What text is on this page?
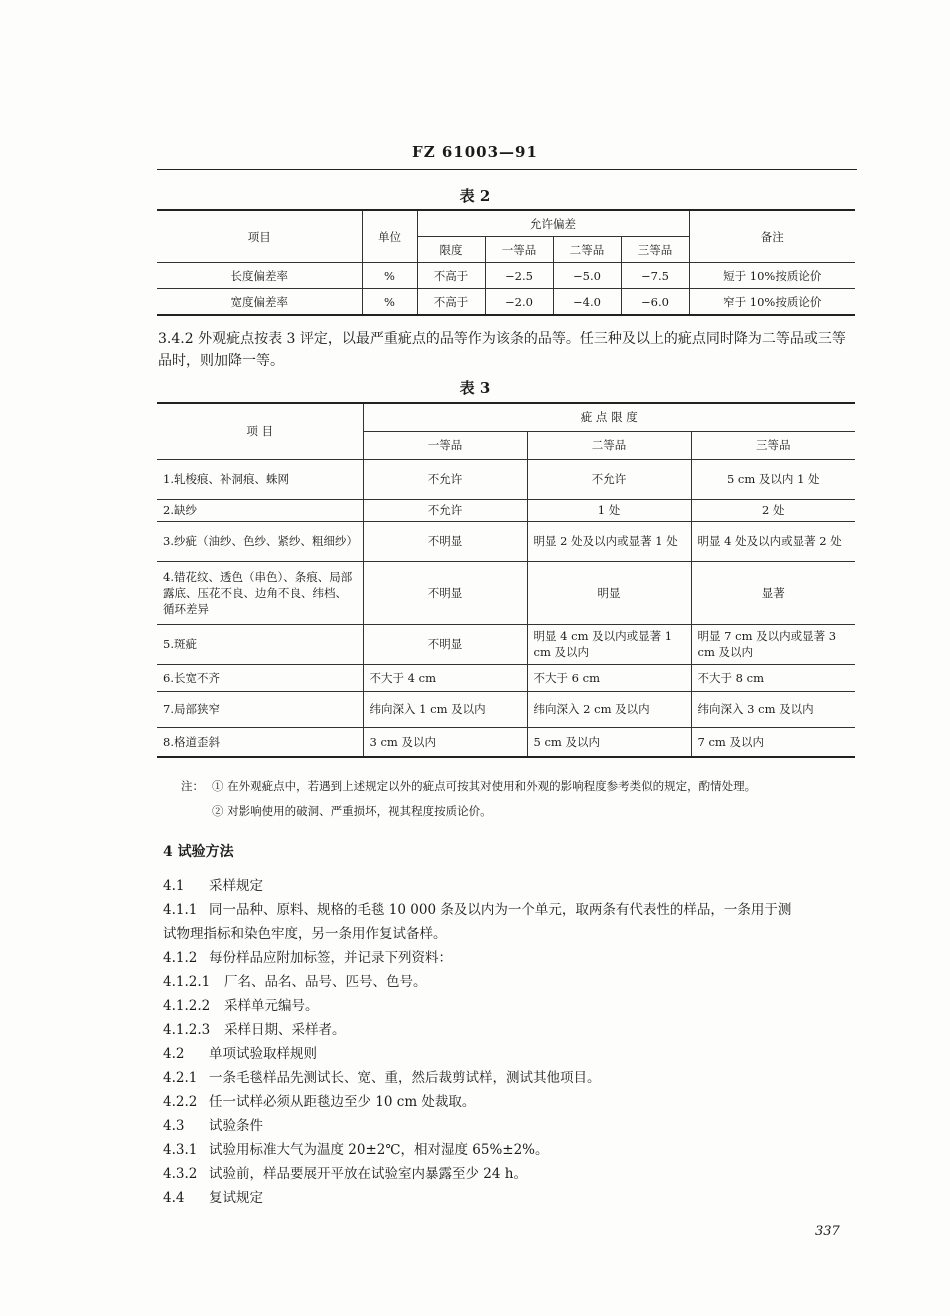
FZ 61003—91
表 2
项目	单位	允许偏差				备注
		限度	一等品	二等品	三等品	
长度偏差率	%	不高于	−2.5	−5.0	−7.5	短于 10%按质论价
宽度偏差率	%	不高于	−2.0	−4.0	−6.0	窄于 10%按质论价
3.4.2 外观疵点按表 3 评定，以最严重疵点的品等作为该条的品等。任三种及以上的疵点同时降为二等品或三等品时，则加降一等。
表 3
项 目	疵 点 限 度		
	一等品	二等品	三等品
1.轧梭痕、补洞痕、蛛网	不允许	不允许	5 cm 及以内 1 处
2.缺纱	不允许	1 处	2 处
3.纱疵（油纱、色纱、紧纱、粗细纱）	不明显	明显 2 处及以内或显著 1 处	明显 4 处及以内或显著 2 处
4.错花纹、透色（串色）、条痕、局部露底、压花不良、边角不良、纬档、循环差异	不明显	明显	显著
5.斑疵	不明显	明显 4 cm 及以内或显著 1 cm 及以内	明显 7 cm 及以内或显著 3 cm 及以内
6.长宽不齐	不大于 4 cm	不大于 6 cm	不大于 8 cm
7.局部狭窄	纬向深入 1 cm 及以内	纬向深入 2 cm 及以内	纬向深入 3 cm 及以内
8.格道歪斜	3 cm 及以内	5 cm 及以内	7 cm 及以内
注： ① 在外观疵点中，若遇到上述规定以外的疵点可按其对使用和外观的影响程度参考类似的规定，酌情处理。
② 对影响使用的破洞、严重损坏，视其程度按质论价。
4 试验方法
4.1 采样规定
4.1.1 同一品种、原料、规格的毛毯 10 000 条及以内为一个单元，取两条有代表性的样品，一条用于测
试物理指标和染色牢度，另一条用作复试备样。
4.1.2 每份样品应附加标签，并记录下列资料：
4.1.2.1 厂名、品名、品号、匹号、色号。
4.1.2.2 采样单元编号。
4.1.2.3 采样日期、采样者。
4.2 单项试验取样规则
4.2.1 一条毛毯样品先测试长、宽、重，然后裁剪试样，测试其他项目。
4.2.2 任一试样必须从距毯边至少 10 cm 处裁取。
4.3 试验条件
4.3.1 试验用标准大气为温度 20±2℃，相对湿度 65%±2%。
4.3.2 试验前，样品要展开平放在试验室内暴露至少 24 h。
4.4 复试规定
337
